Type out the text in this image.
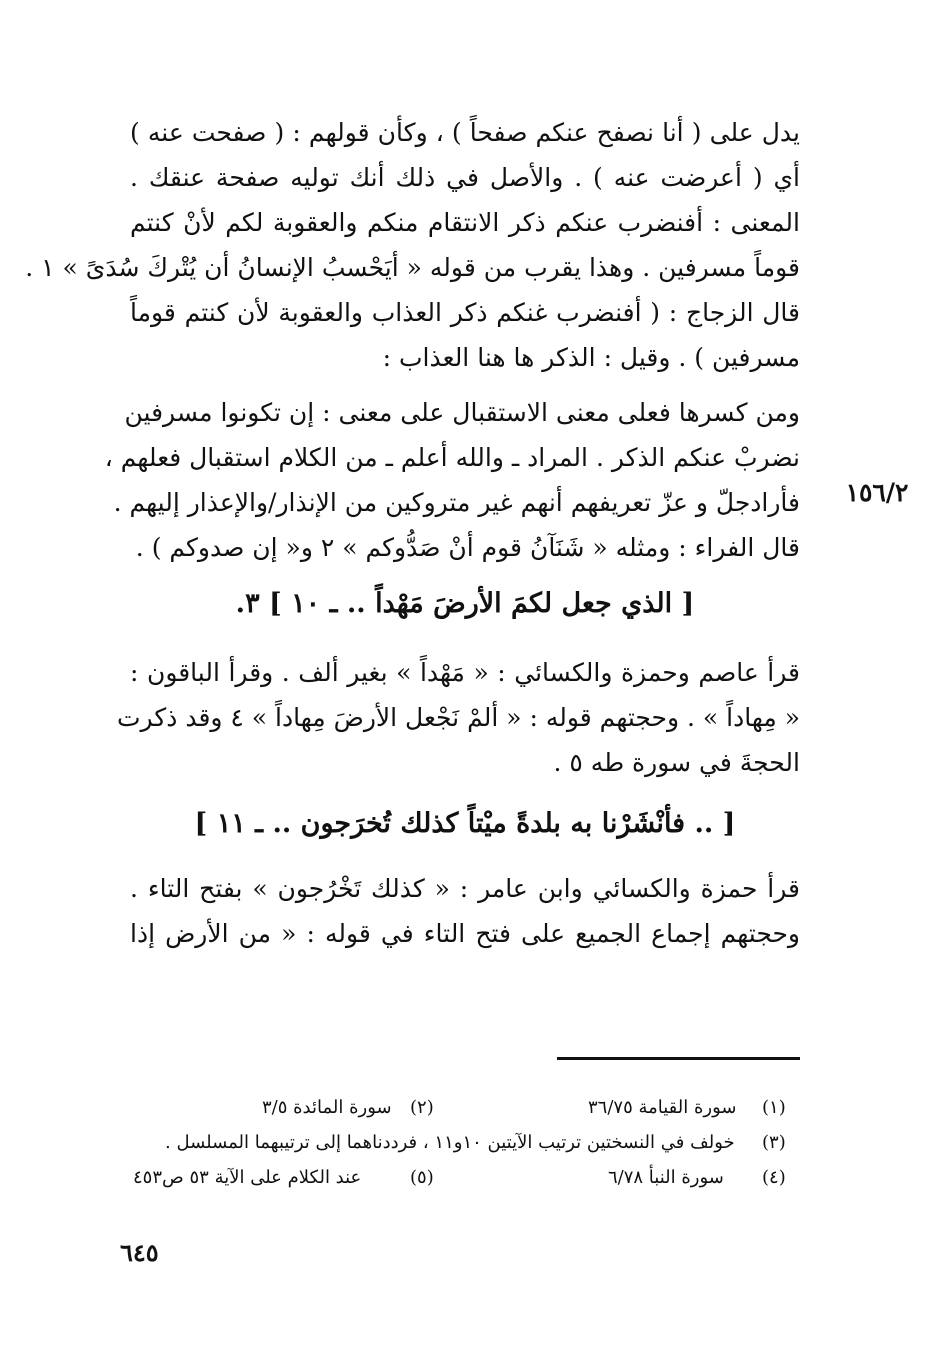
يدل على ( أنا نصفح عنكم صفحاً ) ، وكأن قولهم : ( صفحت عنه )
أي ( أعرضت عنه ) . والأصل في ذلك أنك توليه صفحة عنقك .
المعنى : أفنضرب عنكم ذكر الانتقام منكم والعقوبة لكم لأنْ كنتم
قوماً مسرفين . وهذا يقرب من قوله « أيَحْسبُ الإنسانُ أن يُتْركَ سُدَىً » ١ .
قال الزجاج : ( أفنضرب غنكم ذكر العذاب والعقوبة لأن كنتم قوماً
مسرفين ) . وقيل : الذكر ها هنا العذاب :
ومن كسرها فعلى معنى الاستقبال على معنى : إن تكونوا مسرفين
نضربْ عنكم الذكر . المراد ـ والله أعلم ـ من الكلام استقبال فعلهم ،
فأرادجلّ و عزّ تعريفهم أنهم غير متروكين من الإنذار/والإعذار إليهم .
قال الفراء : ومثله « شَنَآنُ قوم أنْ صَدُّوكم » ٢ و« إن صدوكم ) .
١٥٦/٢
[ الذي جعل لكمَ الأرضَ مَهْداً .. ـ ١٠ ] ٣.
قرأ عاصم وحمزة والكسائي : « مَهْداً » بغير ألف . وقرأ الباقون :
« مِهاداً » . وحجتهم قوله : « ألمْ نَجْعل الأرضَ مِهاداً » ٤ وقد ذكرت
الحجةَ في سورة طه ٥ .
[ .. فأنْشَرْنا به بلدةً ميْتاً كذلك تُخرَجون .. ـ ١١ ]
قرأ حمزة والكسائي وابن عامر : « كذلك تَخْرُجون » بفتح التاء .
وحجتهم إجماع الجميع على فتح التاء في قوله : « من الأرض إذا
(١)
سورة القيامة ٣٦/٧٥
(٢)
سورة المائدة ٣/٥
(٣)
خولف في النسختين ترتيب الآيتين ١٠و١١ ، فرددناهما إلى ترتيبهما المسلسل .
(٤)
سورة النبأ ٦/٧٨
(٥)
عند الكلام على الآية ٥٣ ص٤٥٣
٦٤٥
